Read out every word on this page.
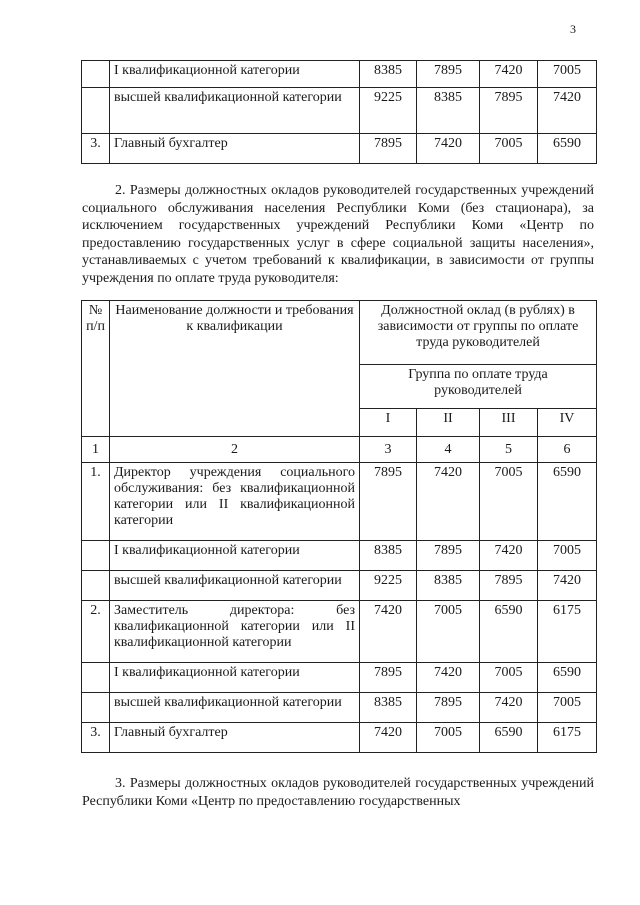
3
	I квалификационной категории	8385	7895	7420	7005
	высшей квалификационной категории	9225	8385	7895	7420
3.	Главный бухгалтер	7895	7420	7005	6590

2. Размеры должностных окладов руководителей государственных учреждений социального обслуживания населения Республики Коми (без стационара), за исключением государственных учреждений Республики Коми «Центр по предоставлению государственных услуг в сфере социальной защиты населения», устанавливаемых с учетом требований к квалификации, в зависимости от группы учреждения по оплате труда руководителя:

№ п/п	Наименование должности и требования к квалификации	Должностной оклад (в рублях) в зависимости от группы по оплате труда руководителей			
		Группа по оплате труда руководителей			
		I	II	III	IV
1	2	3	4	5	6
1.	Директор учреждения социального обслуживания: без квалификационной категории или II квалификационной категории	7895	7420	7005	6590
	I квалификационной категории	8385	7895	7420	7005
	высшей квалификационной категории	9225	8385	7895	7420
2.	Заместитель директора: без квалификационной категории или II квалификационной категории	7420	7005	6590	6175
	I квалификационной категории	7895	7420	7005	6590
	высшей квалификационной категории	8385	7895	7420	7005
3.	Главный бухгалтер	7420	7005	6590	6175

3. Размеры должностных окладов руководителей государственных учреждений Республики Коми «Центр по предоставлению государственных
